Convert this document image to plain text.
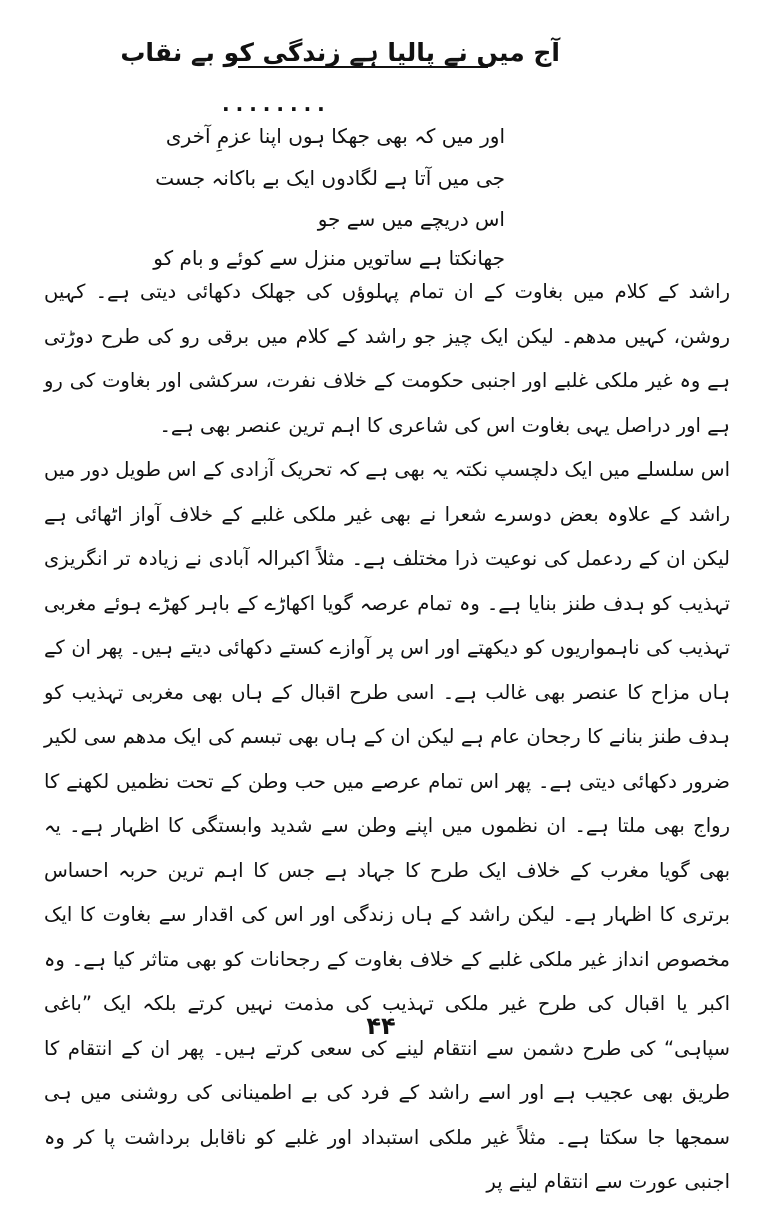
آج میں نے پالیا ہے زندگی کو بے نقاب
........
اور میں کہ بھی جھکا ہوں اپنا عزمِ آخری
جی میں آتا ہے لگادوں ایک بے باکانہ جست
اس دریچے میں سے جو
جھانکتا ہے ساتویں منزل سے کوئے و بام کو

راشد کے کلام میں بغاوت کے ان تمام پہلوؤں کی جھلک دکھائی دیتی ہے۔ کہیں روشن، کہیں مدھم۔ لیکن ایک چیز جو راشد کے کلام میں برقی رو کی طرح دوڑتی ہے وہ غیر ملکی غلبے اور اجنبی حکومت کے خلاف نفرت، سرکشی اور بغاوت کی رو ہے اور دراصل یہی بغاوت اس کی شاعری کا اہم ترین عنصر بھی ہے۔

اس سلسلے میں ایک دلچسپ نکتہ یہ بھی ہے کہ تحریک آزادی کے اس طویل دور میں راشد کے علاوہ بعض دوسرے شعرا نے بھی غیر ملکی غلبے کے خلاف آواز اٹھائی ہے لیکن ان کے ردعمل کی نوعیت ذرا مختلف ہے۔ مثلاً اکبرالہ آبادی نے زیادہ تر انگریزی تہذیب کو ہدف طنز بنایا ہے۔ وہ تمام عرصہ گویا اکھاڑے کے باہر کھڑے ہوئے مغربی تہذیب کی ناہمواریوں کو دیکھتے اور اس پر آوازے کستے دکھائی دیتے ہیں۔ پھر ان کے ہاں مزاح کا عنصر بھی غالب ہے۔ اسی طرح اقبال کے ہاں بھی مغربی تہذیب کو ہدف طنز بنانے کا رجحان عام ہے لیکن ان کے ہاں بھی تبسم کی ایک مدھم سی لکیر ضرور دکھائی دیتی ہے۔ پھر اس تمام عرصے میں حب وطن کے تحت نظمیں لکھنے کا رواج بھی ملتا ہے۔ ان نظموں میں اپنے وطن سے شدید وابستگی کا اظہار ہے۔ یہ بھی گویا مغرب کے خلاف ایک طرح کا جہاد ہے جس کا اہم ترین حربہ احساس برتری کا اظہار ہے۔ لیکن راشد کے ہاں زندگی اور اس کی اقدار سے بغاوت کا ایک مخصوص انداز غیر ملکی غلبے کے خلاف بغاوت کے رجحانات کو بھی متاثر کیا ہے۔ وہ اکبر یا اقبال کی طرح غیر ملکی تہذیب کی مذمت نہیں کرتے بلکہ ایک ”باغی سپاہی“ کی طرح دشمن سے انتقام لینے کی سعی کرتے ہیں۔ پھر ان کے انتقام کا طریق بھی عجیب ہے اور اسے راشد کے فرد کی بے اطمینانی کی روشنی میں ہی سمجھا جا سکتا ہے۔ مثلاً غیر ملکی استبداد اور غلبے کو ناقابل برداشت پا کر وہ اجنبی عورت سے انتقام لینے پر

۴۴
